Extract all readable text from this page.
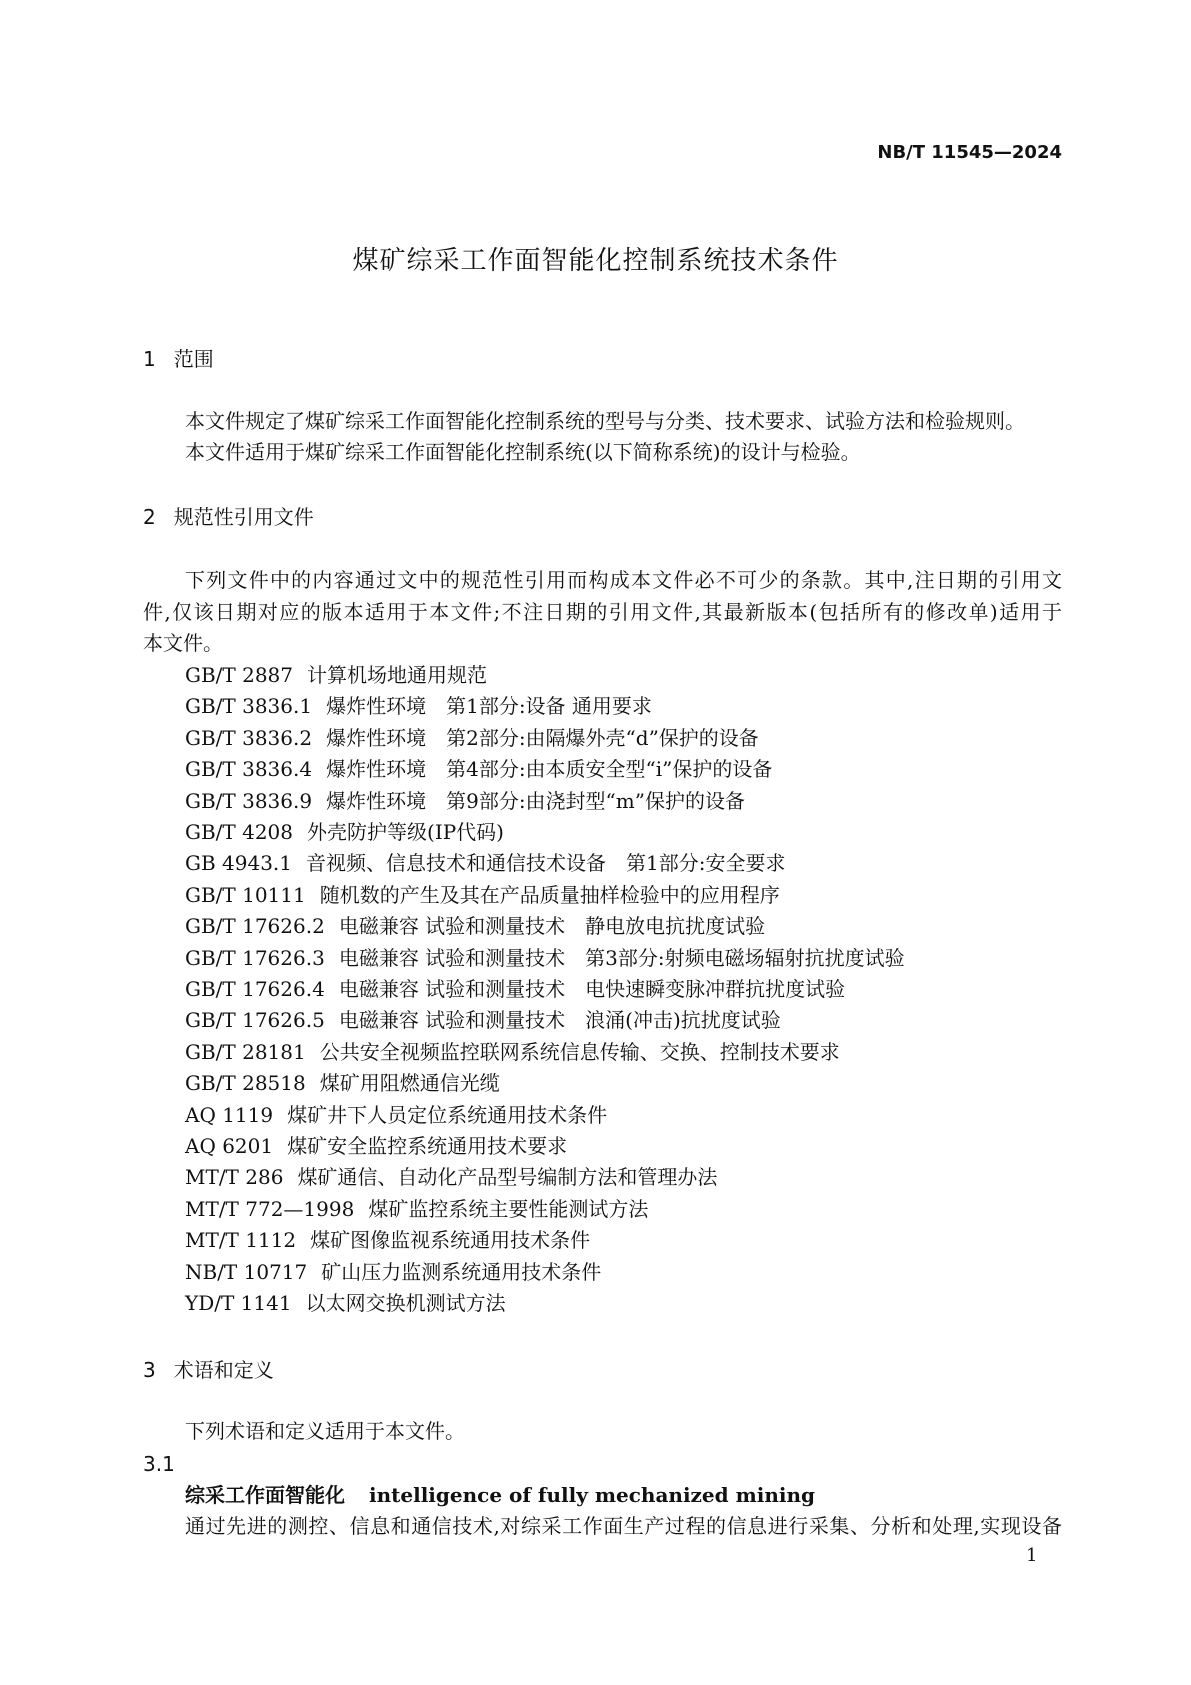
NB/T 11545—2024
煤矿综采工作面智能化控制系统技术条件
1 范围
本文件规定了煤矿综采工作面智能化控制系统的型号与分类、技术要求、试验方法和检验规则。
本文件适用于煤矿综采工作面智能化控制系统(以下简称系统)的设计与检验。
2 规范性引用文件
下列文件中的内容通过文中的规范性引用而构成本文件必不可少的条款。其中,注日期的引用文
件,仅该日期对应的版本适用于本文件;不注日期的引用文件,其最新版本(包括所有的修改单)适用于
本文件。
GB/T 2887 计算机场地通用规范
GB/T 3836.1 爆炸性环境　第1部分:设备 通用要求
GB/T 3836.2 爆炸性环境　第2部分:由隔爆外壳“d”保护的设备
GB/T 3836.4 爆炸性环境　第4部分:由本质安全型“i”保护的设备
GB/T 3836.9 爆炸性环境　第9部分:由浇封型“m”保护的设备
GB/T 4208 外壳防护等级(IP代码)
GB 4943.1 音视频、信息技术和通信技术设备　第1部分:安全要求
GB/T 10111 随机数的产生及其在产品质量抽样检验中的应用程序
GB/T 17626.2 电磁兼容 试验和测量技术　静电放电抗扰度试验
GB/T 17626.3 电磁兼容 试验和测量技术　第3部分:射频电磁场辐射抗扰度试验
GB/T 17626.4 电磁兼容 试验和测量技术　电快速瞬变脉冲群抗扰度试验
GB/T 17626.5 电磁兼容 试验和测量技术　浪涌(冲击)抗扰度试验
GB/T 28181 公共安全视频监控联网系统信息传输、交换、控制技术要求
GB/T 28518 煤矿用阻燃通信光缆
AQ 1119 煤矿井下人员定位系统通用技术条件
AQ 6201 煤矿安全监控系统通用技术要求
MT/T 286 煤矿通信、自动化产品型号编制方法和管理办法
MT/T 772—1998 煤矿监控系统主要性能测试方法
MT/T 1112 煤矿图像监视系统通用技术条件
NB/T 10717 矿山压力监测系统通用技术条件
YD/T 1141 以太网交换机测试方法
3 术语和定义
下列术语和定义适用于本文件。
3.1
综采工作面智能化 intelligence of fully mechanized mining
通过先进的测控、信息和通信技术,对综采工作面生产过程的信息进行采集、分析和处理,实现设备
1
